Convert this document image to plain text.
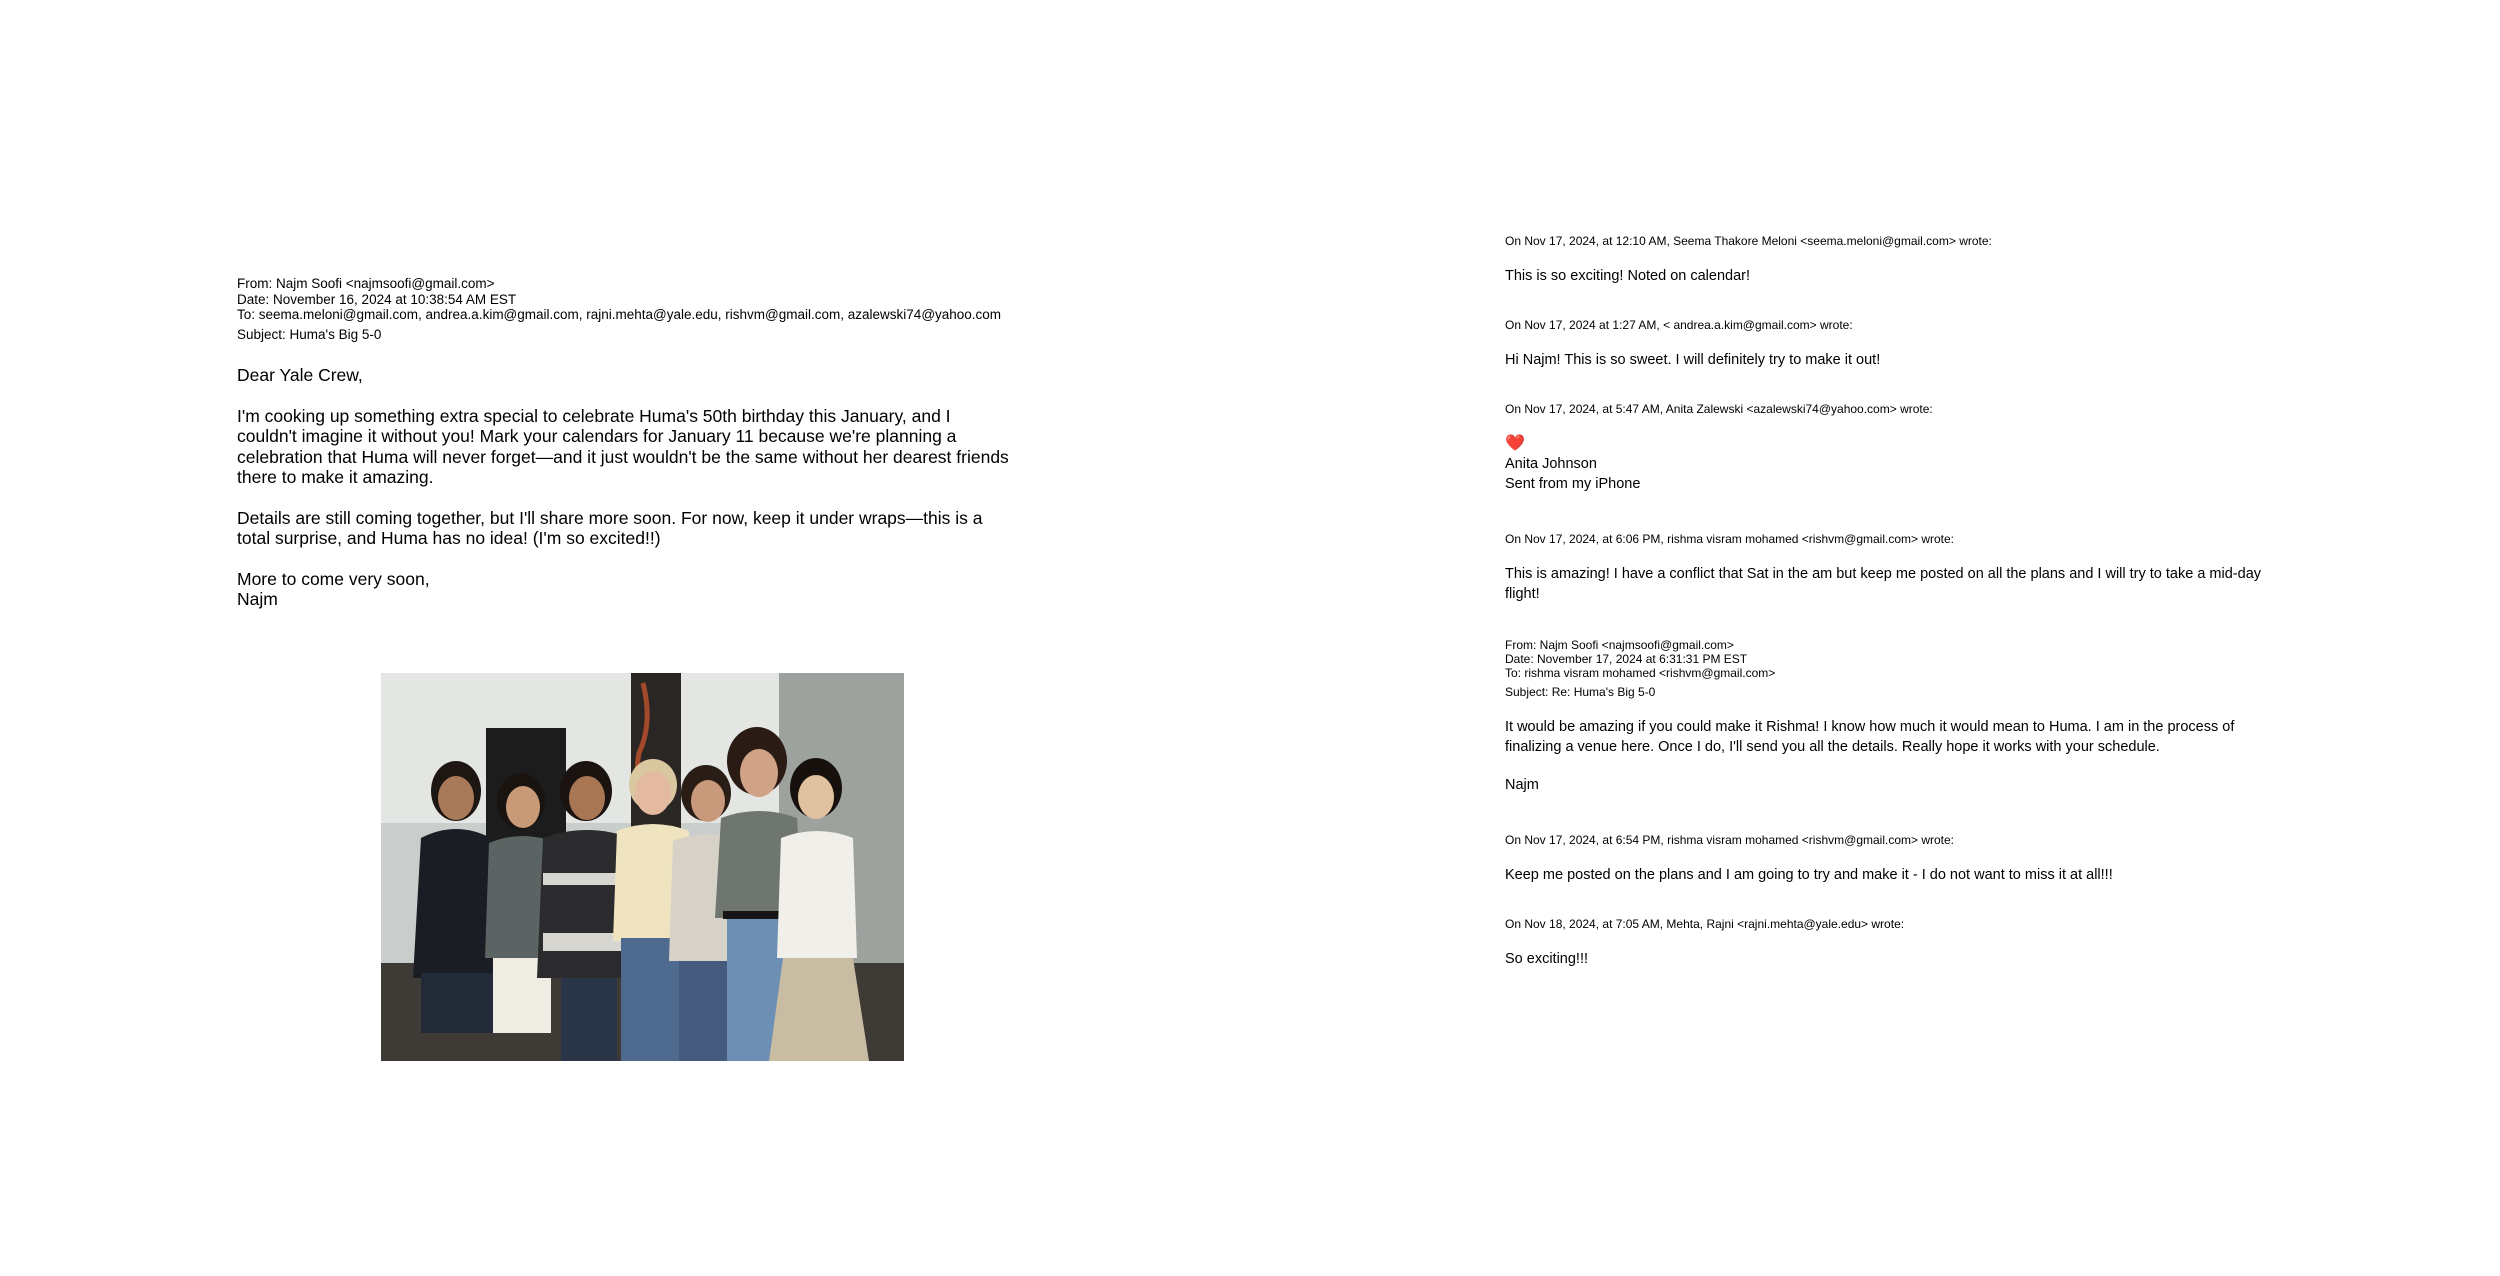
From: Najm Soofi <najmsoofi@gmail.com>
Date: November 16, 2024 at 10:38:54 AM EST
To: seema.meloni@gmail.com, andrea.a.kim@gmail.com, rajni.mehta@yale.edu, rishvm@gmail.com, azalewski74@yahoo.com
Subject: Huma's Big 5-0

Dear Yale Crew,

I'm cooking up something extra special to celebrate Huma's 50th birthday this January, and I couldn't imagine it without you! Mark your calendars for January 11 because we're planning a celebration that Huma will never forget—and it just wouldn't be the same without her dearest friends there to make it amazing.

Details are still coming together, but I'll share more soon. For now, keep it under wraps—this is a total surprise, and Huma has no idea! (I'm so excited!!)

More to come very soon,
Najm

On Nov 17, 2024, at 12:10 AM, Seema Thakore Meloni <seema.meloni@gmail.com> wrote:
This is so exciting! Noted on calendar!
On Nov 17, 2024 at 1:27 AM, < andrea.a.kim@gmail.com> wrote:
Hi Najm! This is so sweet. I will definitely try to make it out!
On Nov 17, 2024, at 5:47 AM, Anita Zalewski <azalewski74@yahoo.com> wrote:
❤️
Anita Johnson
Sent from my iPhone
On Nov 17, 2024, at 6:06 PM, rishma visram mohamed <rishvm@gmail.com> wrote:
This is amazing! I have a conflict that Sat in the am but keep me posted on all the plans and I will try to take a mid-day flight!
From: Najm Soofi <najmsoofi@gmail.com>
Date: November 17, 2024 at 6:31:31 PM EST
To: rishma visram mohamed <rishvm@gmail.com>
Subject: Re: Huma's Big 5-0
It would be amazing if you could make it Rishma! I know how much it would mean to Huma. I am in the process of finalizing a venue here. Once I do, I'll send you all the details. Really hope it works with your schedule.
Najm
On Nov 17, 2024, at 6:54 PM, rishma visram mohamed <rishvm@gmail.com> wrote:
Keep me posted on the plans and I am going to try and make it - I do not want to miss it at all!!!
On Nov 18, 2024, at 7:05 AM, Mehta, Rajni <rajni.mehta@yale.edu> wrote:
So exciting!!!
